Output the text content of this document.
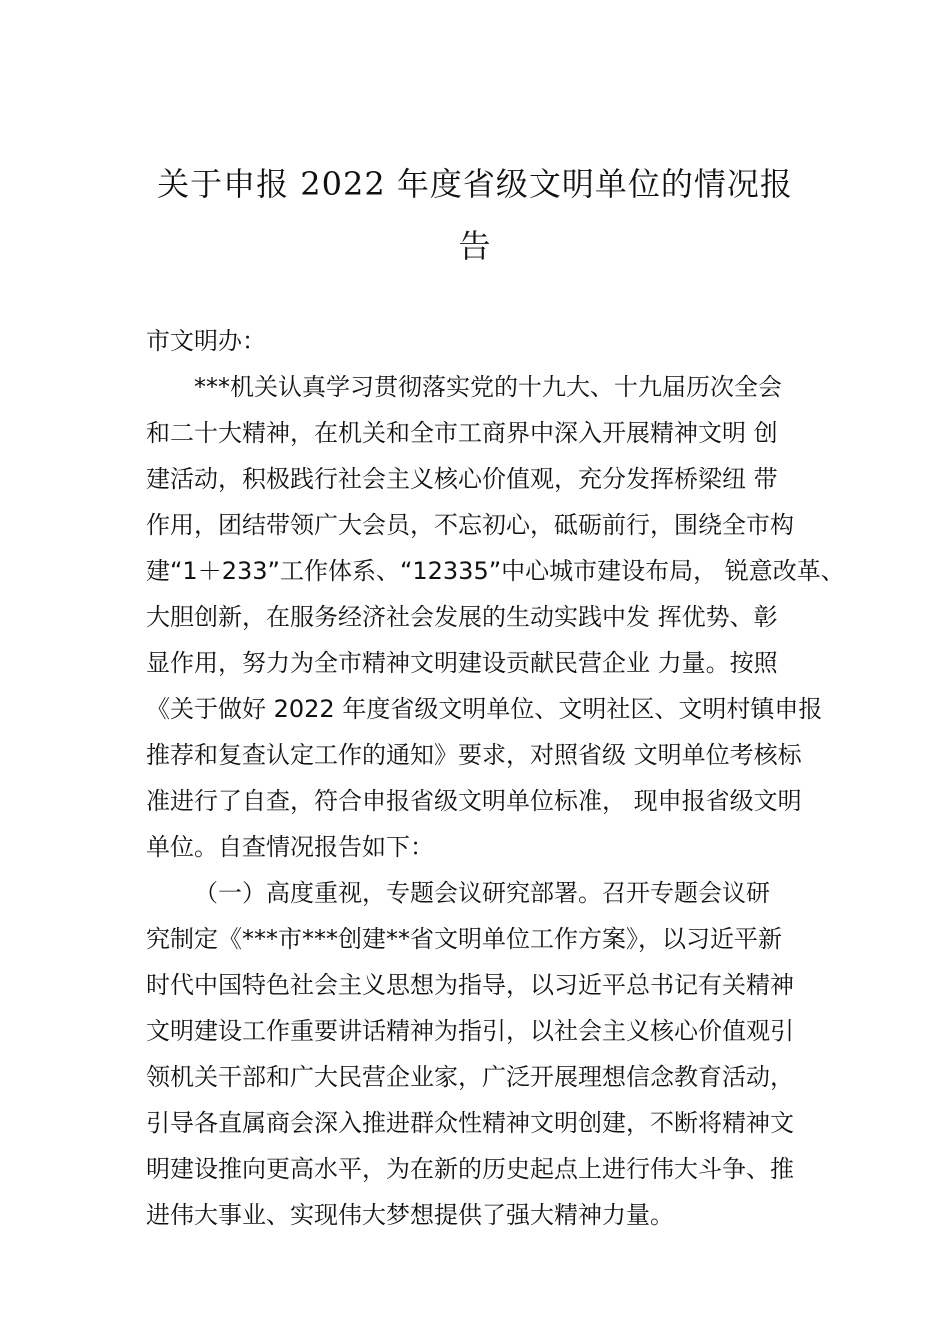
关于申报 2022 年度省级文明单位的情况报
告
市文明办：
***机关认真学习贯彻落实党的十九大、十九届历次全会
和二十大精神，在机关和全市工商界中深入开展精神文明 创
建活动，积极践行社会主义核心价值观，充分发挥桥梁纽 带
作用，团结带领广大会员，不忘初心，砥砺前行，围绕全市构
建“1＋233”工作体系、“12335”中心城市建设布局， 锐意改革、
大胆创新，在服务经济社会发展的生动实践中发 挥优势、彰
显作用，努力为全市精神文明建设贡献民营企业 力量。按照
《关于做好 2022 年度省级文明单位、文明社区、文明村镇申报
推荐和复查认定工作的通知》要求，对照省级 文明单位考核标
准进行了自查，符合申报省级文明单位标准， 现申报省级文明
单位。自查情况报告如下：
（一）高度重视，专题会议研究部署。召开专题会议研
究制定《***市***创建**省文明单位工作方案》，以习近平新
时代中国特色社会主义思想为指导，以习近平总书记有关精神
文明建设工作重要讲话精神为指引，以社会主义核心价值观引
领机关干部和广大民营企业家，广泛开展理想信念教育活动，
引导各直属商会深入推进群众性精神文明创建，不断将精神文
明建设推向更高水平，为在新的历史起点上进行伟大斗争、推
进伟大事业、实现伟大梦想提供了强大精神力量。
